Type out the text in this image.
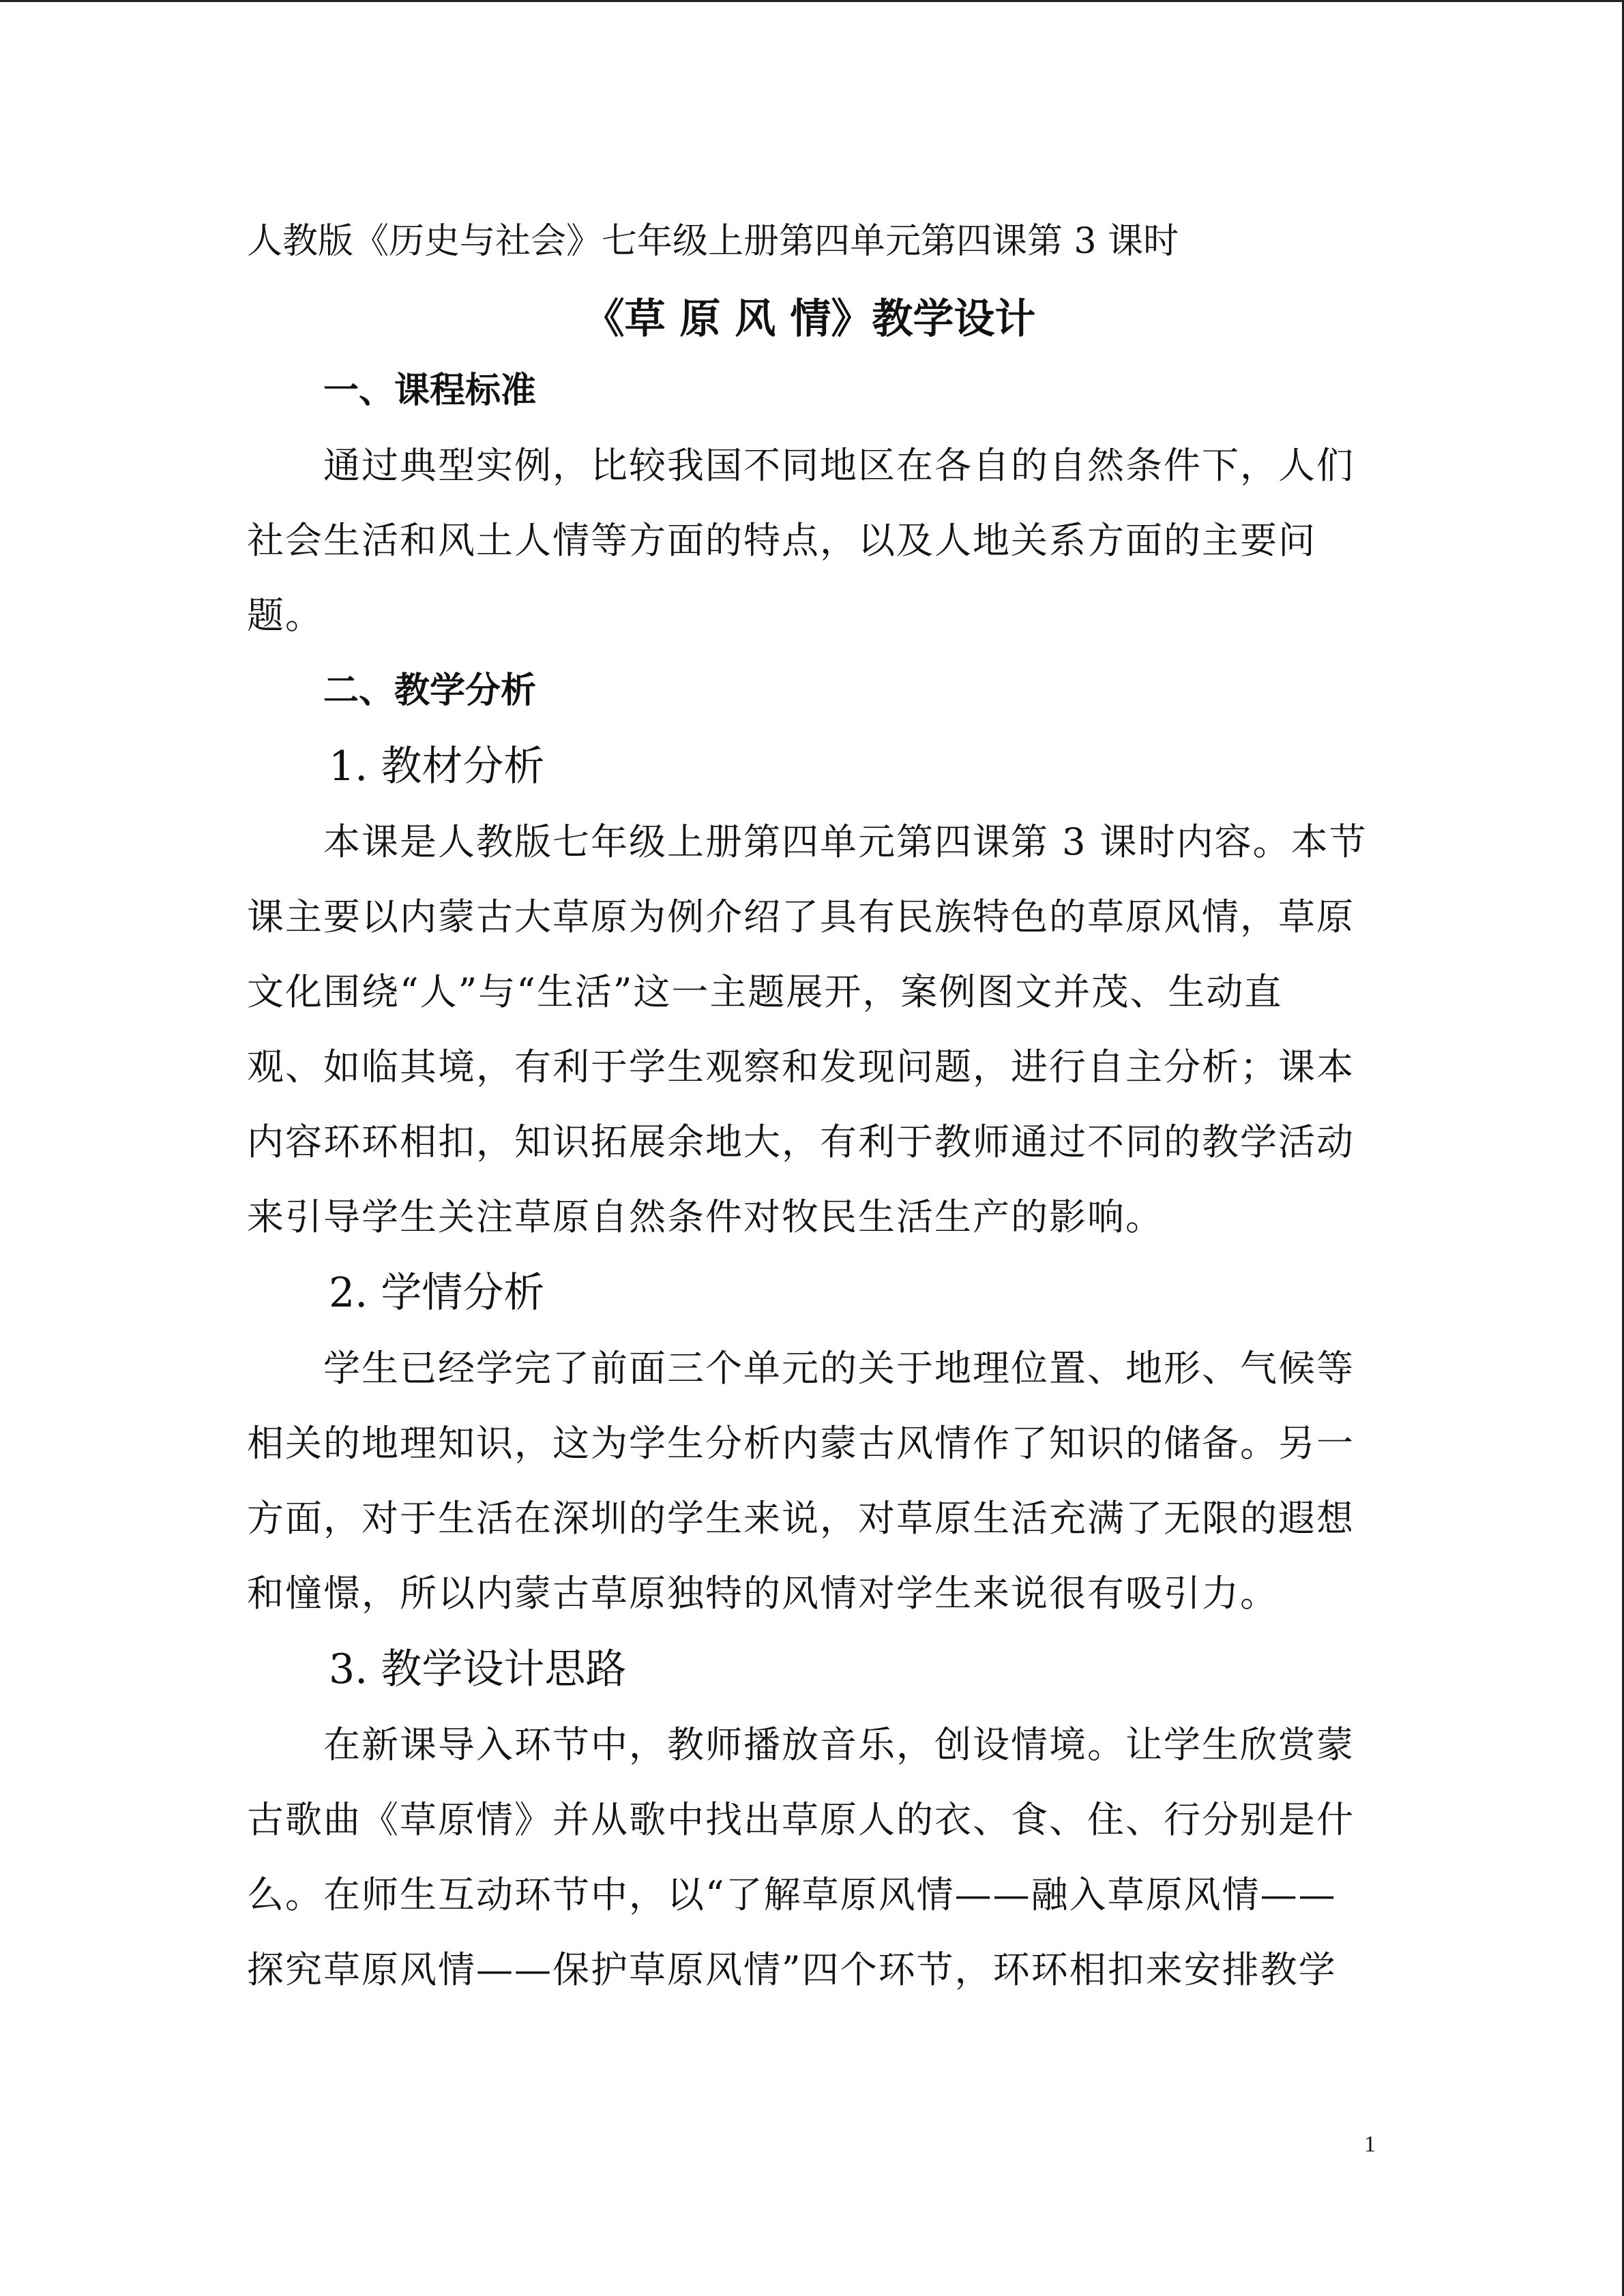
人教版《历史与社会》七年级上册第四单元第四课第 3 课时

《草 原 风 情》教学设计

一、课程标准

通过典型实例，比较我国不同地区在各自的自然条件下，人们

社会生活和风土人情等方面的特点，以及人地关系方面的主要问

题。

二、教学分析

1. 教材分析

本课是人教版七年级上册第四单元第四课第 3 课时内容。本节

课主要以内蒙古大草原为例介绍了具有民族特色的草原风情，草原

文化围绕“人”与“生活”这一主题展开，案例图文并茂、生动直

观、如临其境，有利于学生观察和发现问题，进行自主分析；课本

内容环环相扣，知识拓展余地大，有利于教师通过不同的教学活动

来引导学生关注草原自然条件对牧民生活生产的影响。

2. 学情分析

学生已经学完了前面三个单元的关于地理位置、地形、气候等

相关的地理知识，这为学生分析内蒙古风情作了知识的储备。另一

方面，对于生活在深圳的学生来说，对草原生活充满了无限的遐想

和憧憬，所以内蒙古草原独特的风情对学生来说很有吸引力。

3. 教学设计思路

在新课导入环节中，教师播放音乐，创设情境。让学生欣赏蒙

古歌曲《草原情》并从歌中找出草原人的衣、食、住、行分别是什

么。在师生互动环节中，以“了解草原风情——融入草原风情——

探究草原风情——保护草原风情”四个环节，环环相扣来安排教学

1
